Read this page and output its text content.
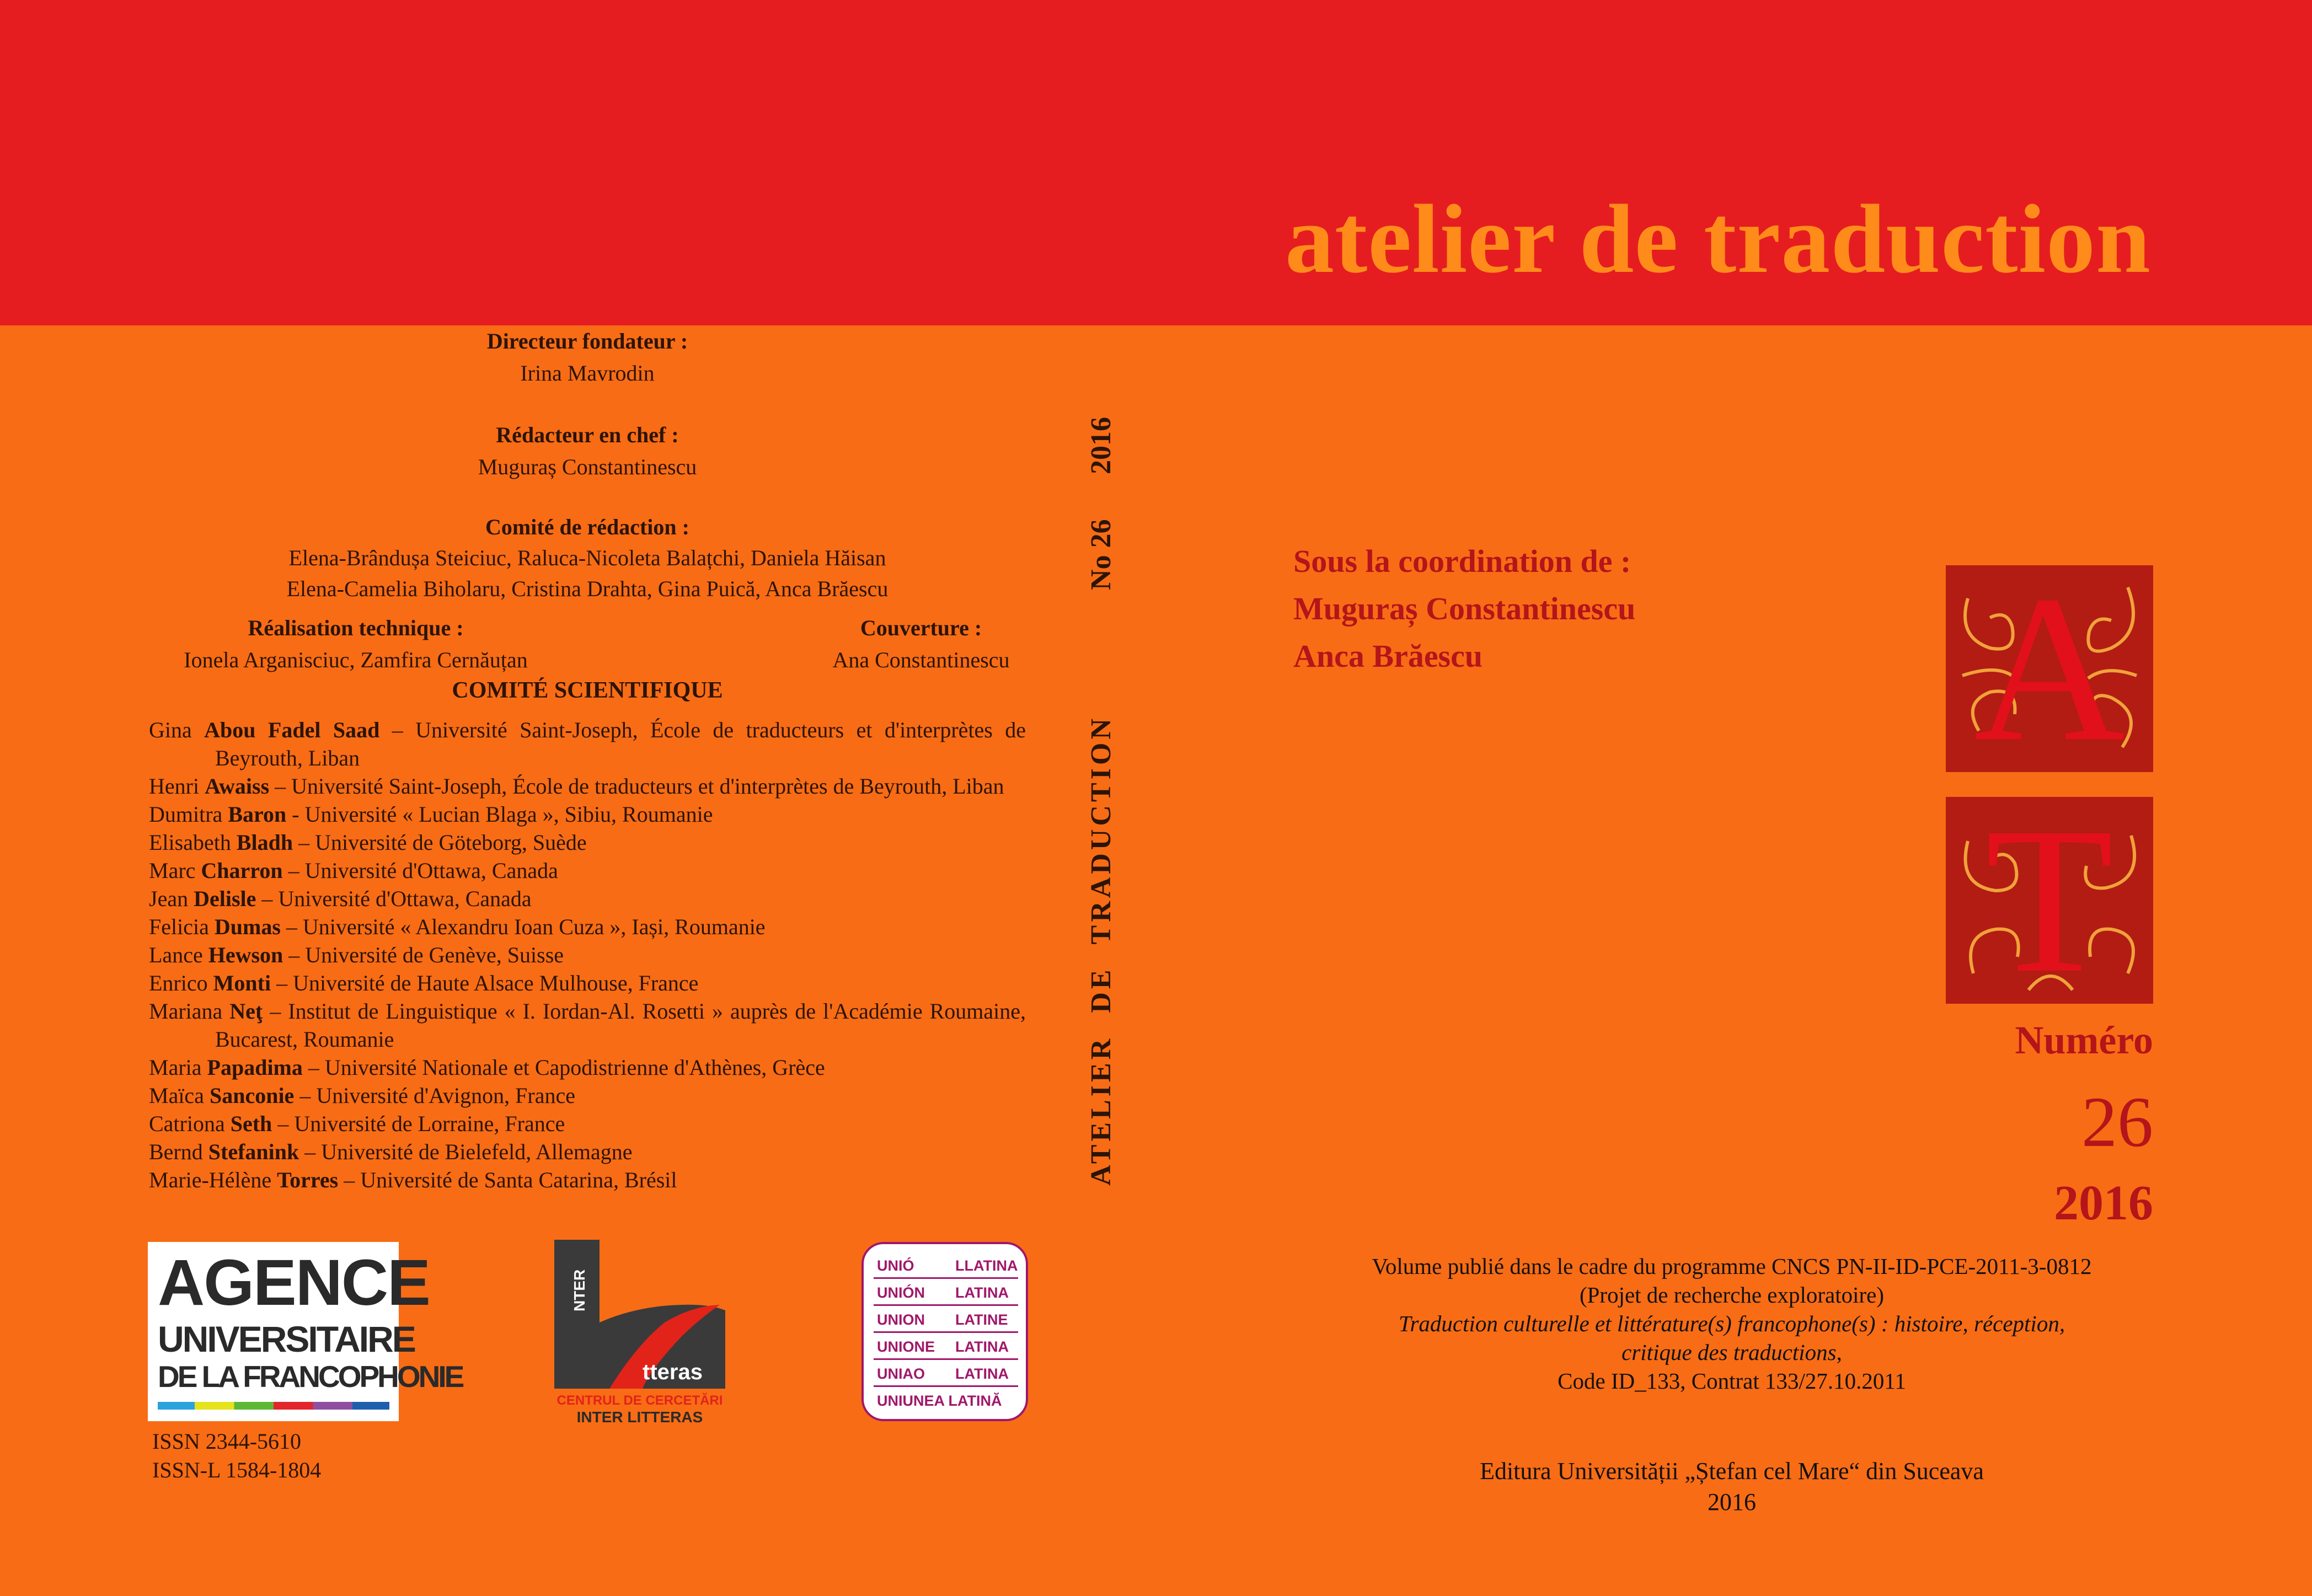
atelier de traduction
Directeur fondateur :
Irina Mavrodin
Rédacteur en chef :
Muguraș Constantinescu
Comité de rédaction :
Elena-Brândușa Steiciuc, Raluca-Nicoleta Balațchi, Daniela Hăisan
Elena-Camelia Biholaru, Cristina Drahta, Gina Puică, Anca Brăescu
Réalisation technique :
Ionela Arganisciuc, Zamfira Cernăuțan
Couverture :
Ana Constantinescu
COMITÉ SCIENTIFIQUE

Gina Abou Fadel Saad – Université Saint-Joseph, École de traducteurs et d'interprètes de Beyrouth, Liban

Henri Awaiss – Université Saint-Joseph, École de traducteurs et d'interprètes de Beyrouth, Liban

Dumitra Baron - Université « Lucian Blaga », Sibiu, Roumanie

Elisabeth Bladh – Université de Göteborg, Suède

Marc Charron – Université d'Ottawa, Canada

Jean Delisle – Université d'Ottawa, Canada

Felicia Dumas – Université « Alexandru Ioan Cuza », Iași, Roumanie

Lance Hewson – Université de Genève, Suisse

Enrico Monti – Université de Haute Alsace Mulhouse, France

Mariana Neţ – Institut de Linguistique « I. Iordan-Al. Rosetti » auprès de l'Académie Roumaine, Bucarest, Roumanie

Maria Papadima – Université Nationale et Capodistrienne d'Athènes, Grèce

Maïca Sanconie – Université d'Avignon, France

Catriona Seth – Université de Lorraine, France

Bernd Stefanink – Université de Bielefeld, Allemagne

Marie-Hélène Torres – Université de Santa Catarina, Brésil

AGENCE
UNIVERSITAIRE
DE LA FRANCOPHONIE
NTER
tteras
CENTRUL DE CERCETĂRI
INTER LITTERAS
UNIÓ	LLATINA
UNIÓN LATINA
UNION LATINE
UNIONE LATINA
UNIAO LATINA
UNIUNEA LATINĂ
ISSN 2344-5610
ISSN-L 1584-1804
ATELIER DE TRADUCTION
No 26
2016
Sous la coordination de :
Muguraș Constantinescu
Anca Brăescu	A
T
Numéro
26
2016
Volume publié dans le cadre du programme CNCS PN-II-ID-PCE-2011-3-0812
(Projet de recherche exploratoire)
Traduction culturelle et littérature(s) francophone(s) : histoire, réception,
critique des traductions,
Code ID_133, Contrat 133/27.10.2011
Editura Universității „Ștefan cel Mare“ din Suceava
2016
